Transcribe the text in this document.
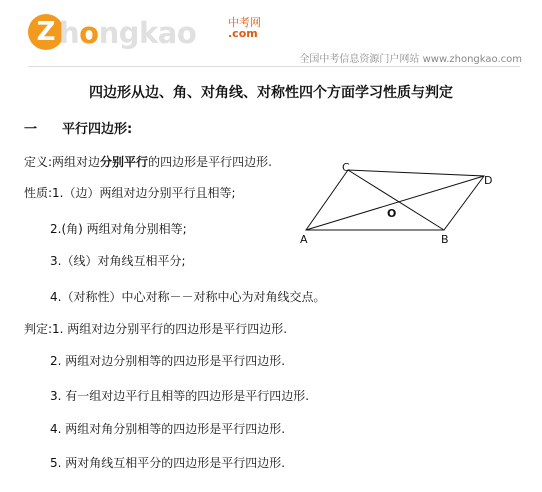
Z hongkao	中考网
.com
全国中考信息资源门户网站 www.zhongkao.com
四边形从边、角、对角线、对称性四个方面学习性质与判定
一 平行四边形:
定义:两组对边分别平行的四边形是平行四边形.
性质:1.（边）两组对边分别平行且相等;
2.(角) 两组对角分别相等;
3.（线）对角线互相平分;
4.（对称性）中心对称－－对称中心为对角线交点。
判定:1. 两组对边分别平行的四边形是平行四边形.
2. 两组对边分别相等的四边形是平行四边形.
3. 有一组对边平行且相等的四边形是平行四边形.
4. 两组对角分别相等的四边形是平行四边形.
5. 两对角线互相平分的四边形是平行四边形.
A	B
C
D
O
